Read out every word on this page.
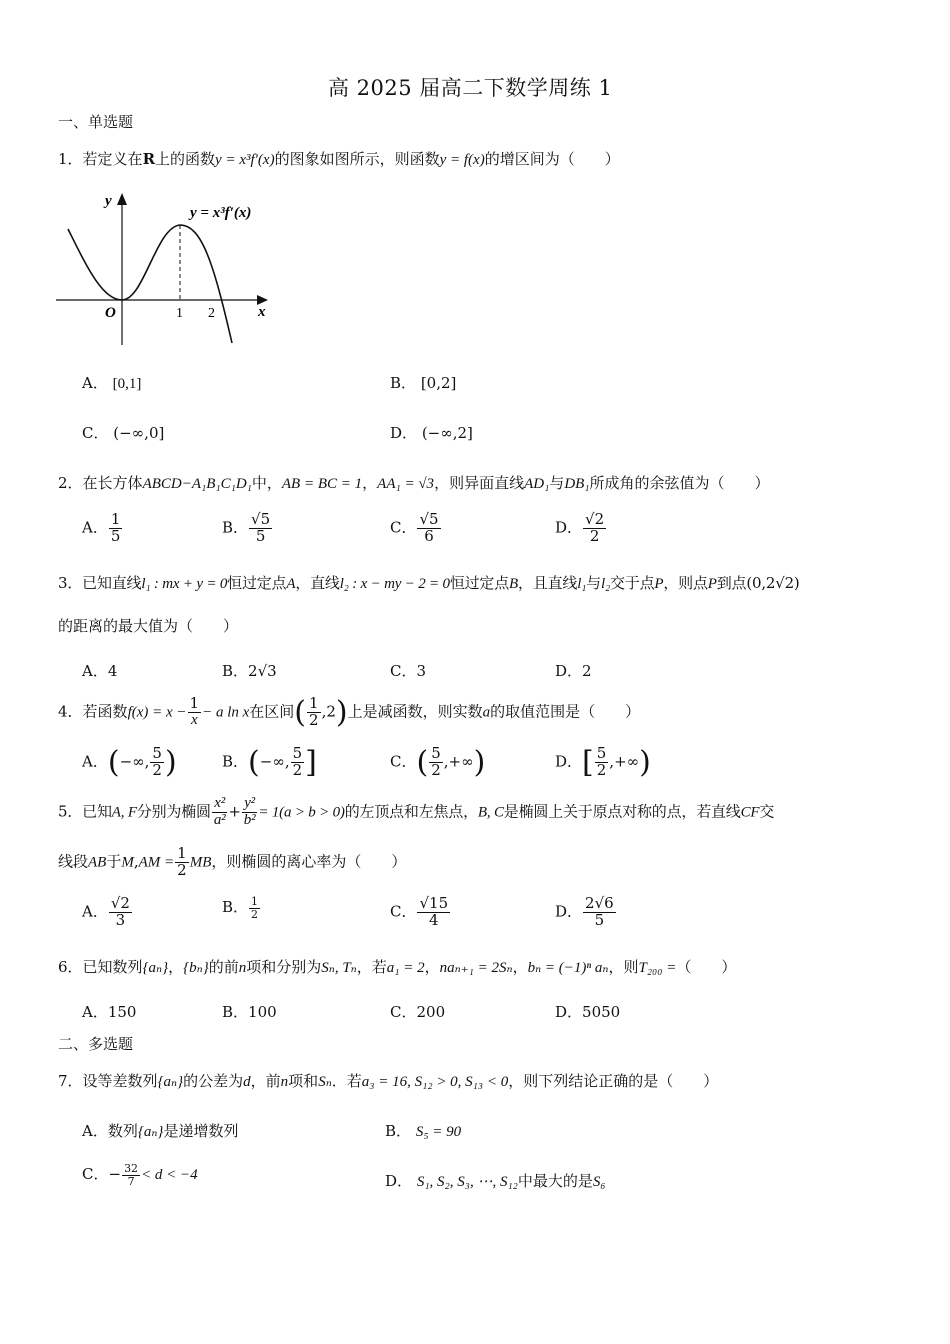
高 2025 届高二下数学周练 1
一、单选题
1．若定义在R上的函数y = x³f′(x)的图象如图所示，则函数y = f(x)的增区间为（　　）
y
x
O	1 2
y = x³f′(x)
A． [0,1]	B． [0,2]
C． (−∞,0]	D． (−∞,2]
2．在长方体ABCD−A₁B₁C₁D₁中，AB = BC = 1，AA₁ = √3，则异面直线AD₁与DB₁所成角的余弦值为（　　）
A． $\frac{1}{5}$	B． $\frac{√5}{5}$	C． $\frac{√5}{6}$	D． $\frac{√2}{2}$
3．已知直线l₁ : mx + y = 0恒过定点A，直线l₂ : x − my − 2 = 0恒过定点B，且直线l₁与l₂交于点P，则点P到点(0,2√2)
的距离的最大值为（　　）
A．4	B．2√3	C．3	D．2
4．若函数$f(x) = x - \frac{1}{x} - a$ ln x在区间( $\frac{1}{2} ,2$)上是减函数，则实数a的取值范围是（　　）
A．(−∞, $\frac{5}{2}$ )	B．(−∞, $\frac{5}{2}$ ]	C．( $\frac{5}{2}$ ,+∞)	D．[ $\frac{5}{2}$ ,+∞)
5．已知A, F分别为椭圆 $\frac{\text{x²}}{\text{a²}} + \frac{\text{y²}}{\text{b²}} = 1(a > b > 0)$的左顶点和左焦点，B, C是椭圆上关于原点对称的点，若直线CF交
线段AB于$M,AM = \frac{1}{2}$ MB，则椭圆的离心率为（　　）
A． $\frac{√2}{3}$	B． $\frac{1}{2}$	C． $\frac{√15}{4}$	D． $\frac{2√6}{5}$
6．已知数列{aₙ}，{bₙ}的前n项和分别为Sₙ, Tₙ，若a₁ = 2，naₙ₊₁ = 2Sₙ，bₙ = (−1)ⁿ aₙ，则T₂₀₀ =（　　）
A．150	B．100	C．200	D．5050
二、多选题
7．设等差数列{aₙ}的公差为d，前n项和Sₙ．若a₃ = 16, S₁₂ > 0, S₁₃ < 0，则下列结论正确的是（　　）
A．数列{aₙ}是递增数列	B． S₅ = 90
C．− $\frac{32}{7} < d < -4$	D． S₁, S₂, S₃, ⋯, S₁₂中最大的是S₆
